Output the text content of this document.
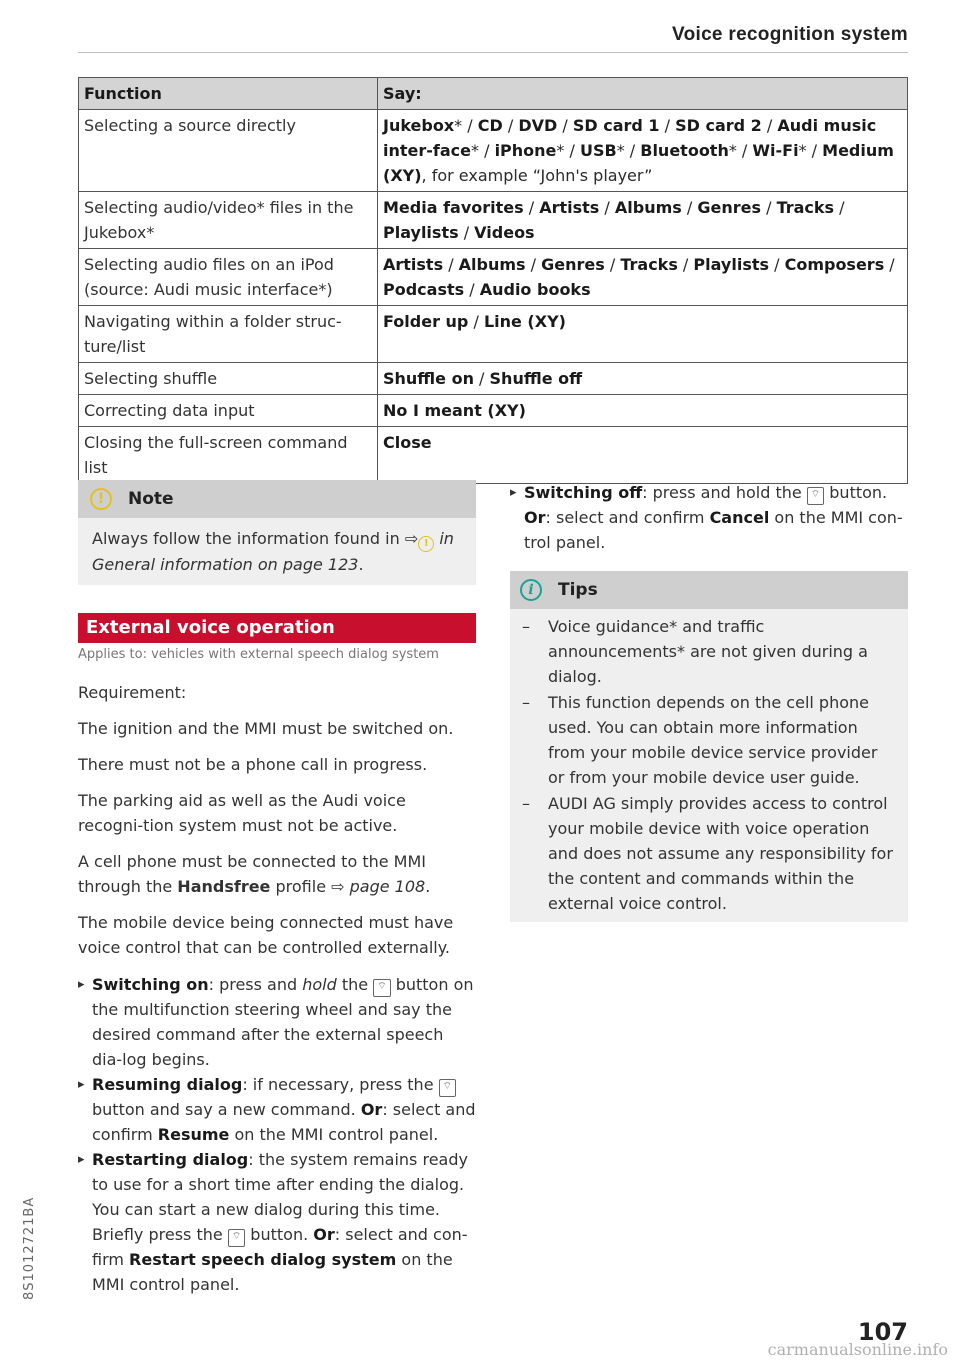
Voice recognition system
Function	Say:
Selecting a source directly	Jukebox* / CD / DVD / SD card 1 / SD card 2 / Audi music inter-face* / iPhone* / USB* / Bluetooth* / Wi-Fi* / Medium (XY), for example “John's player”
Selecting audio/video* files in the Jukebox*	Media favorites / Artists / Albums / Genres / Tracks / Playlists / Videos
Selecting audio files on an iPod (source: Audi music interface*)	Artists / Albums / Genres / Tracks / Playlists / Composers / Podcasts / Audio books
Navigating within a folder struc-ture/list	Folder up / Line (XY)
Selecting shuffle	Shuffle on / Shuffle off
Correcting data input	No I meant (XY)
Closing the full-screen command list	Close
!	Note
Always follow the information found in ⇨ ! in General information on page 123.
External voice operation
Applies to: vehicles with external speech dialog system

Requirement:

The ignition and the MMI must be switched on.

There must not be a phone call in progress.

The parking aid as well as the Audi voice recogni-tion system must not be active.

A cell phone must be connected to the MMI through the Handsfree profile ⇨ page 108.

The mobile device being connected must have voice control that can be controlled externally.

▸ Switching on: press and hold the ⌔ button on the multifunction steering wheel and say the desired command after the external speech dia-log begins.
▸ Resuming dialog: if necessary, press the ⌔ button and say a new command. Or: select and confirm Resume on the MMI control panel.
▸ Restarting dialog: the system remains ready to use for a short time after ending the dialog. You can start a new dialog during this time. Briefly press the ⌔ button. Or: select and con-firm Restart speech dialog system on the MMI control panel.
▸ Switching off: press and hold the ⌔ button.
Or: select and confirm Cancel on the MMI con-trol panel.
i	Tips
– Voice guidance* and traffic announcements* are not given during a dialog.
– This function depends on the cell phone used. You can obtain more information from your mobile device service provider or from your mobile device user guide.
– AUDI AG simply provides access to control your mobile device with voice operation and does not assume any responsibility for the content and commands within the external voice control.
8S1012721BA
107
carmanualsonline.info
